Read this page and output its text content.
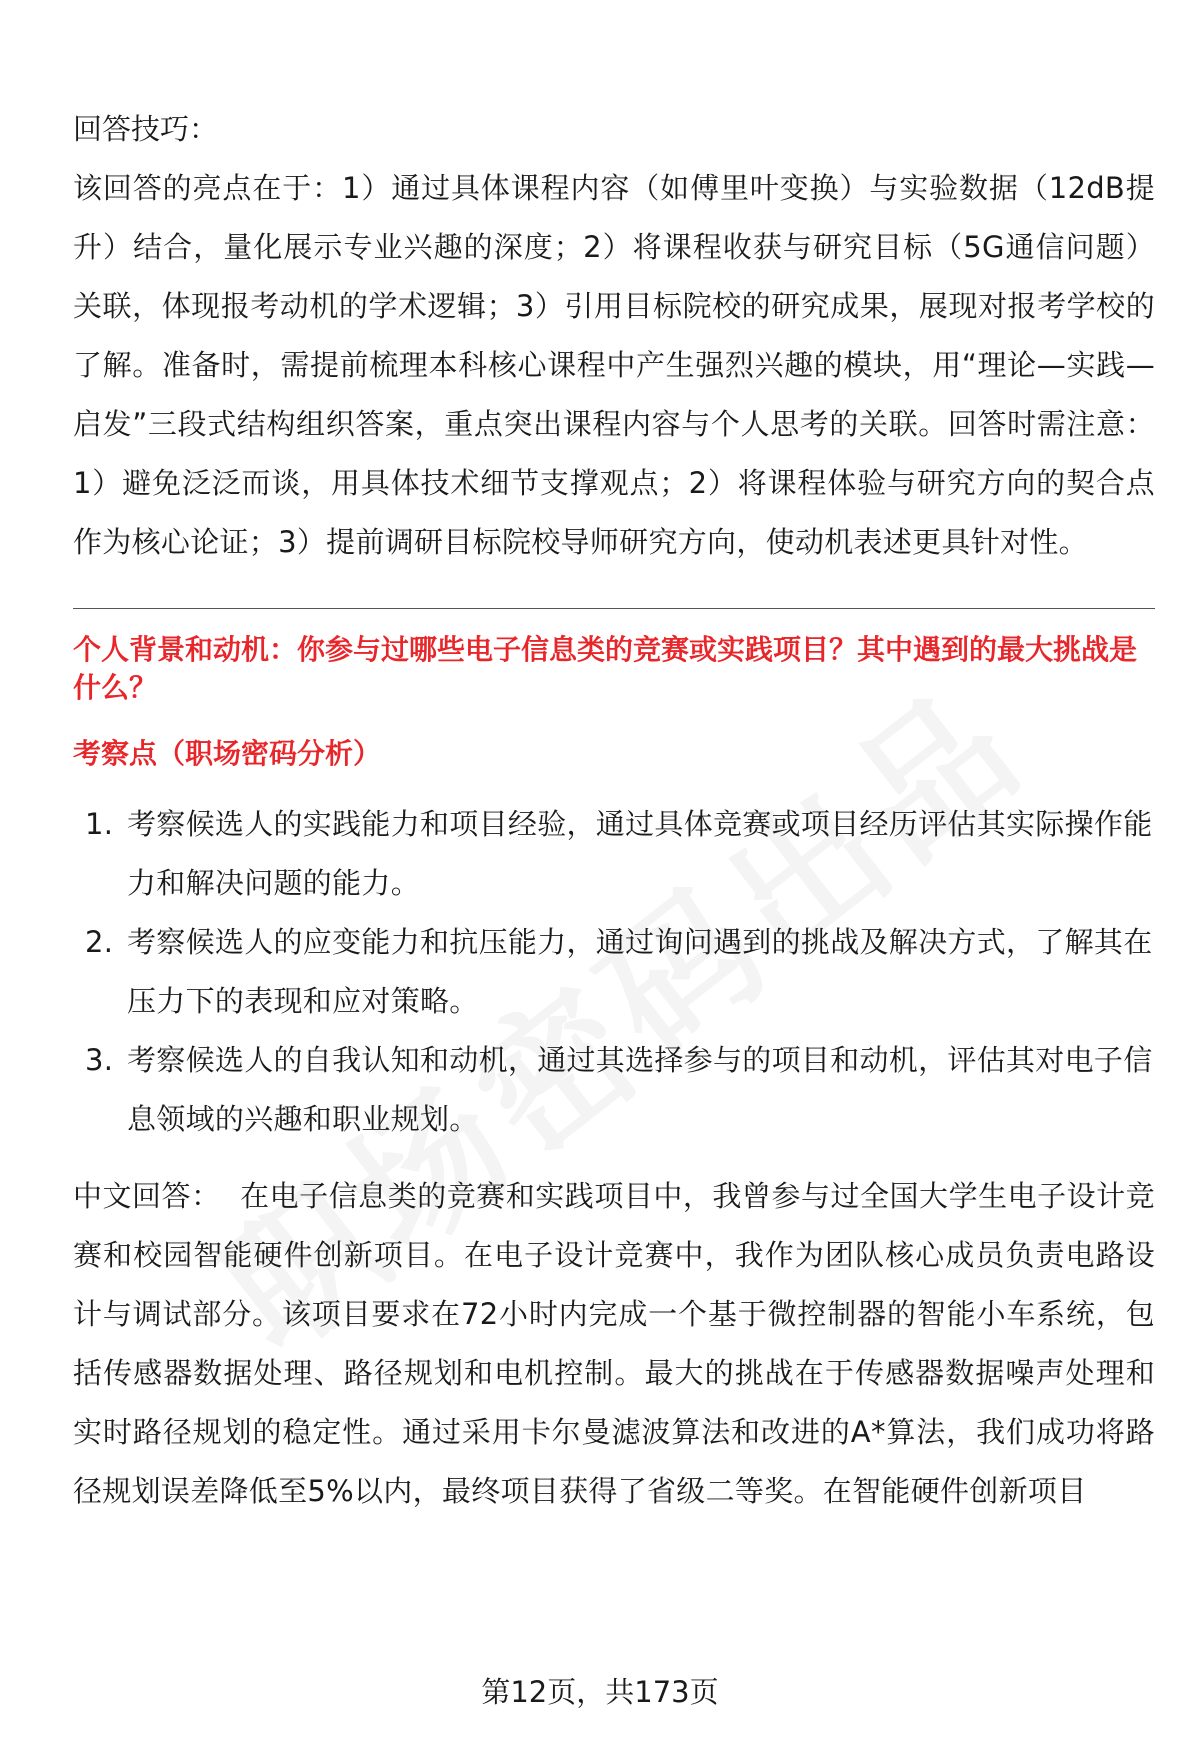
回答技巧：

该回答的亮点在于：1）通过具体课程内容（如傅里叶变换）与实验数据（12dB提升）结合，量化展示专业兴趣的深度；2）将课程收获与研究目标（5G通信问题）关联，体现报考动机的学术逻辑；3）引用目标院校的研究成果，展现对报考学校的了解。准备时，需提前梳理本科核心课程中产生强烈兴趣的模块，用“理论—实践—启发”三段式结构组织答案，重点突出课程内容与个人思考的关联。回答时需注意：1）避免泛泛而谈，用具体技术细节支撑观点；2）将课程体验与研究方向的契合点作为核心论证；3）提前调研目标院校导师研究方向，使动机表述更具针对性。

个人背景和动机：你参与过哪些电子信息类的竞赛或实践项目？其中遇到的最大挑战是什么？

考察点（职场密码分析）

1. 考察候选人的实践能力和项目经验，通过具体竞赛或项目经历评估其实际操作能力和解决问题的能力。
2. 考察候选人的应变能力和抗压能力，通过询问遇到的挑战及解决方式，了解其在压力下的表现和应对策略。
3. 考察候选人的自我认知和动机，通过其选择参与的项目和动机，评估其对电子信息领域的兴趣和职业规划。

中文回答： 在电子信息类的竞赛和实践项目中，我曾参与过全国大学生电子设计竞赛和校园智能硬件创新项目。在电子设计竞赛中，我作为团队核心成员负责电路设计与调试部分。该项目要求在72小时内完成一个基于微控制器的智能小车系统，包括传感器数据处理、路径规划和电机控制。最大的挑战在于传感器数据噪声处理和实时路径规划的稳定性。通过采用卡尔曼滤波算法和改进的A*算法，我们成功将路径规划误差降低至5%以内，最终项目获得了省级二等奖。在智能硬件创新项目

第12页，共173页
